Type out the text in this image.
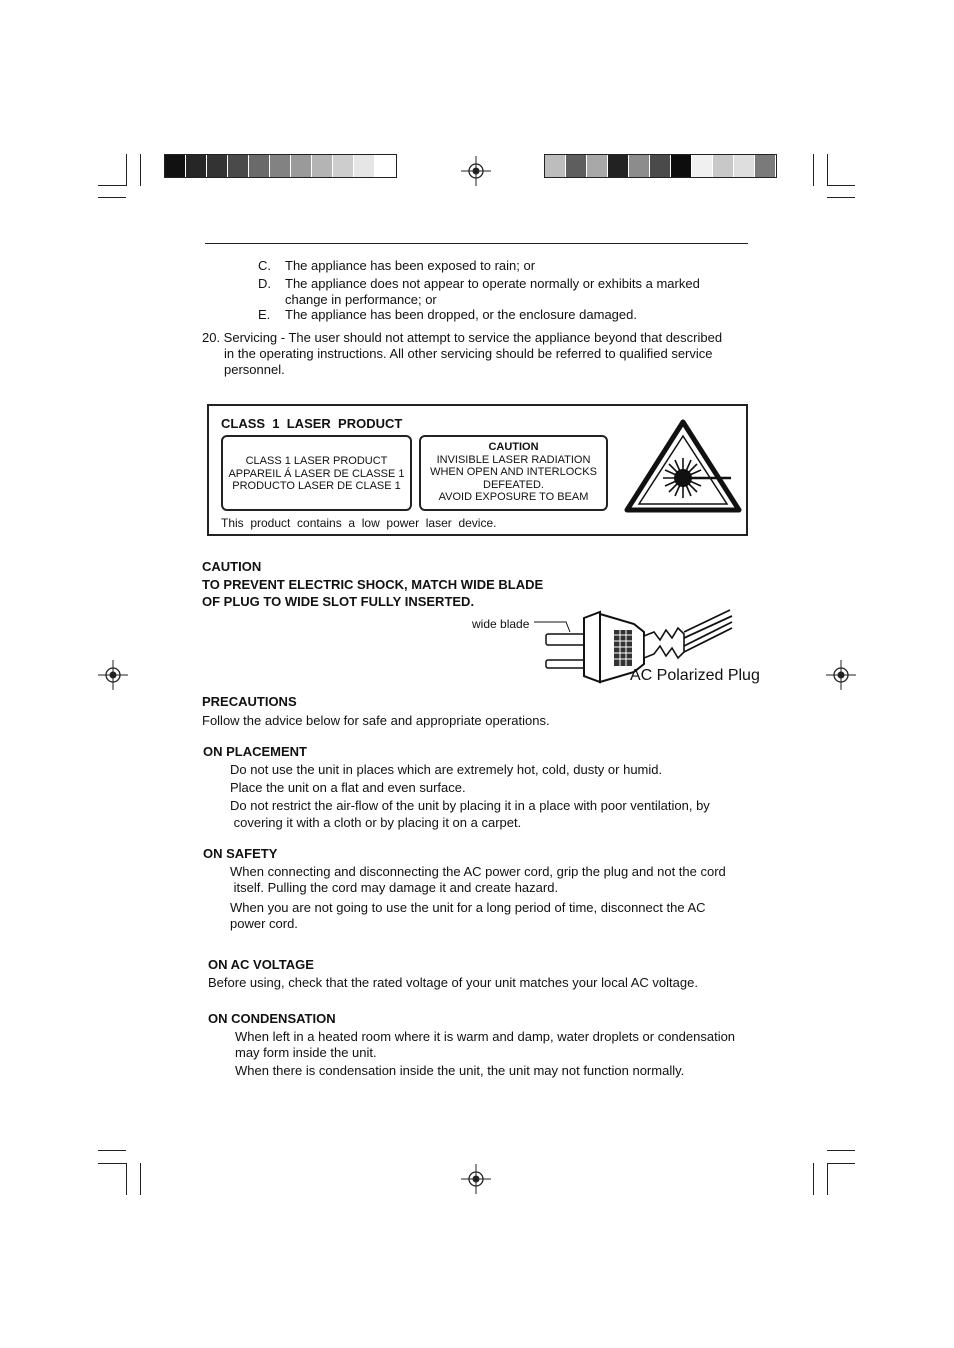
C. The appliance has been exposed to rain; or
D. The appliance does not appear to operate normally or exhibits a marked
change in performance; or
E. The appliance has been dropped, or the enclosure damaged.
20. Servicing - The user should not attempt to service the appliance beyond that described
in the operating instructions. All other servicing should be referred to qualified service
personnel.
CLASS  1  LASER  PRODUCT
CLASS 1 LASER PRODUCT
APPAREIL Á LASER DE CLASSE 1
PRODUCTO LASER DE CLASE 1
CAUTION
INVISIBLE LASER RADIATION
WHEN OPEN AND INTERLOCKS
DEFEATED.
AVOID EXPOSURE TO BEAM
This  product  contains  a  low  power  laser  device.
CAUTION
TO PREVENT ELECTRIC SHOCK, MATCH WIDE BLADE
OF PLUG TO WIDE SLOT FULLY INSERTED.
wide blade
AC Polarized Plug
PRECAUTIONS
Follow the advice below for safe and appropriate operations.
ON PLACEMENT
Do not use the unit in places which are extremely hot, cold, dusty or humid.
Place the unit on a flat and even surface.
Do not restrict the air-flow of the unit by placing it in a place with poor ventilation, by
covering it with a cloth or by placing it on a carpet.
ON SAFETY
When connecting and disconnecting the AC power cord, grip the plug and not the cord
itself. Pulling the cord may damage it and create hazard.
When you are not going to use the unit for a long period of time, disconnect the AC
power cord.
ON AC VOLTAGE
Before using, check that the rated voltage of your unit matches your local AC voltage.
ON CONDENSATION
When left in a heated room where it is warm and damp, water droplets or condensation
may form inside the unit.
When there is condensation inside the unit, the unit may not function normally.
